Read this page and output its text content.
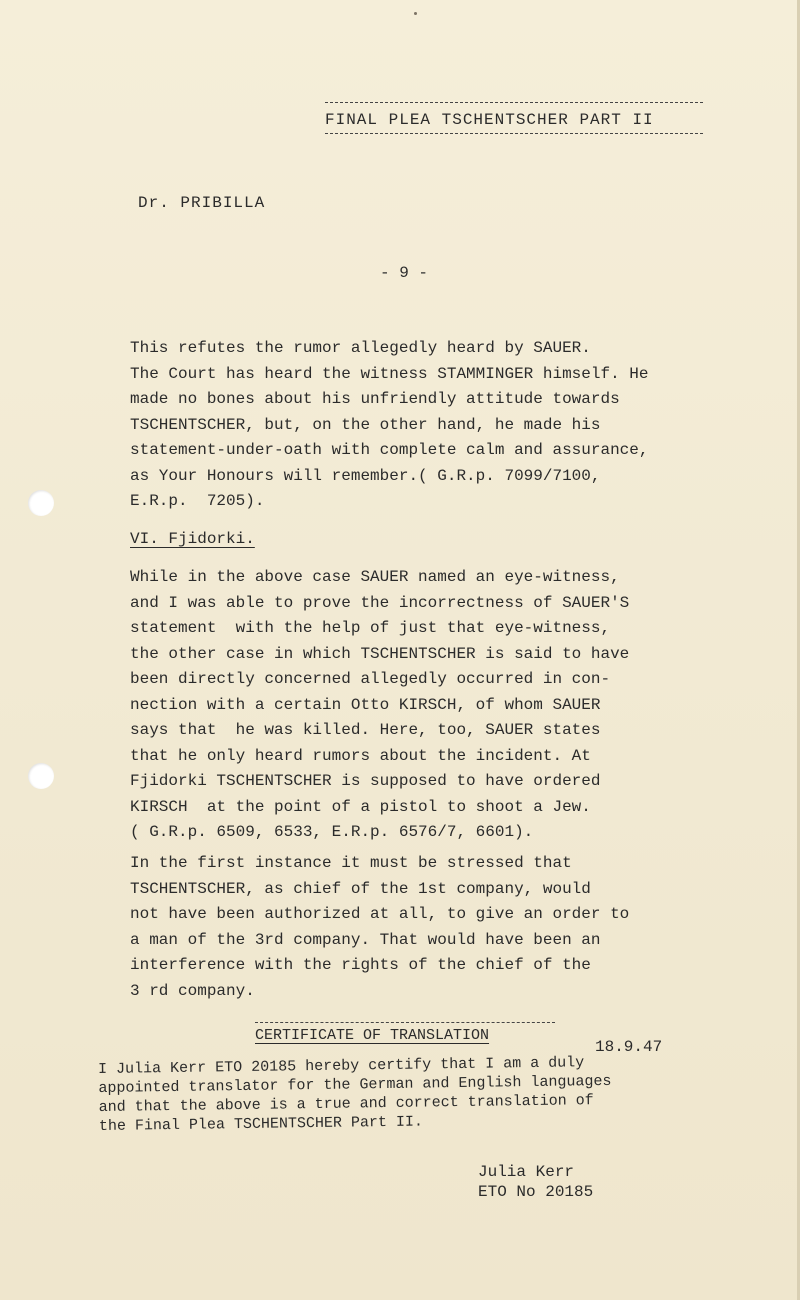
FINAL PLEA TSCHENTSCHER PART II
Dr. PRIBILLA
- 9 -
This refutes the rumor allegedly heard by SAUER.
The Court has heard the witness STAMMINGER himself. He
made no bones about his unfriendly attitude towards
TSCHENTSCHER, but, on the other hand, he made his
statement-under-oath with complete calm and assurance,
as Your Honours will remember.( G.R.p. 7099/7100,
E.R.p.  7205).
VI. Fjidorki.
While in the above case SAUER named an eye-witness,
and I was able to prove the incorrectness of SAUER'S
statement  with the help of just that eye-witness,
the other case in which TSCHENTSCHER is said to have
been directly concerned allegedly occurred in con-
nection with a certain Otto KIRSCH, of whom SAUER
says that  he was killed. Here, too, SAUER states
that he only heard rumors about the incident. At
Fjidorki TSCHENTSCHER is supposed to have ordered
KIRSCH  at the point of a pistol to shoot a Jew.
( G.R.p. 6509, 6533, E.R.p. 6576/7, 6601).
In the first instance it must be stressed that
TSCHENTSCHER, as chief of the 1st company, would
not have been authorized at all, to give an order to
a man of the 3rd company. That would have been an
interference with the rights of the chief of the
3 rd company.
CERTIFICATE OF TRANSLATION
18.9.47
I Julia Kerr ETO 20185 hereby certify that I am a duly
appointed translator for the German and English languages
and that the above is a true and correct translation of
the Final Plea TSCHENTSCHER Part II.
Julia Kerr
ETO No 20185
